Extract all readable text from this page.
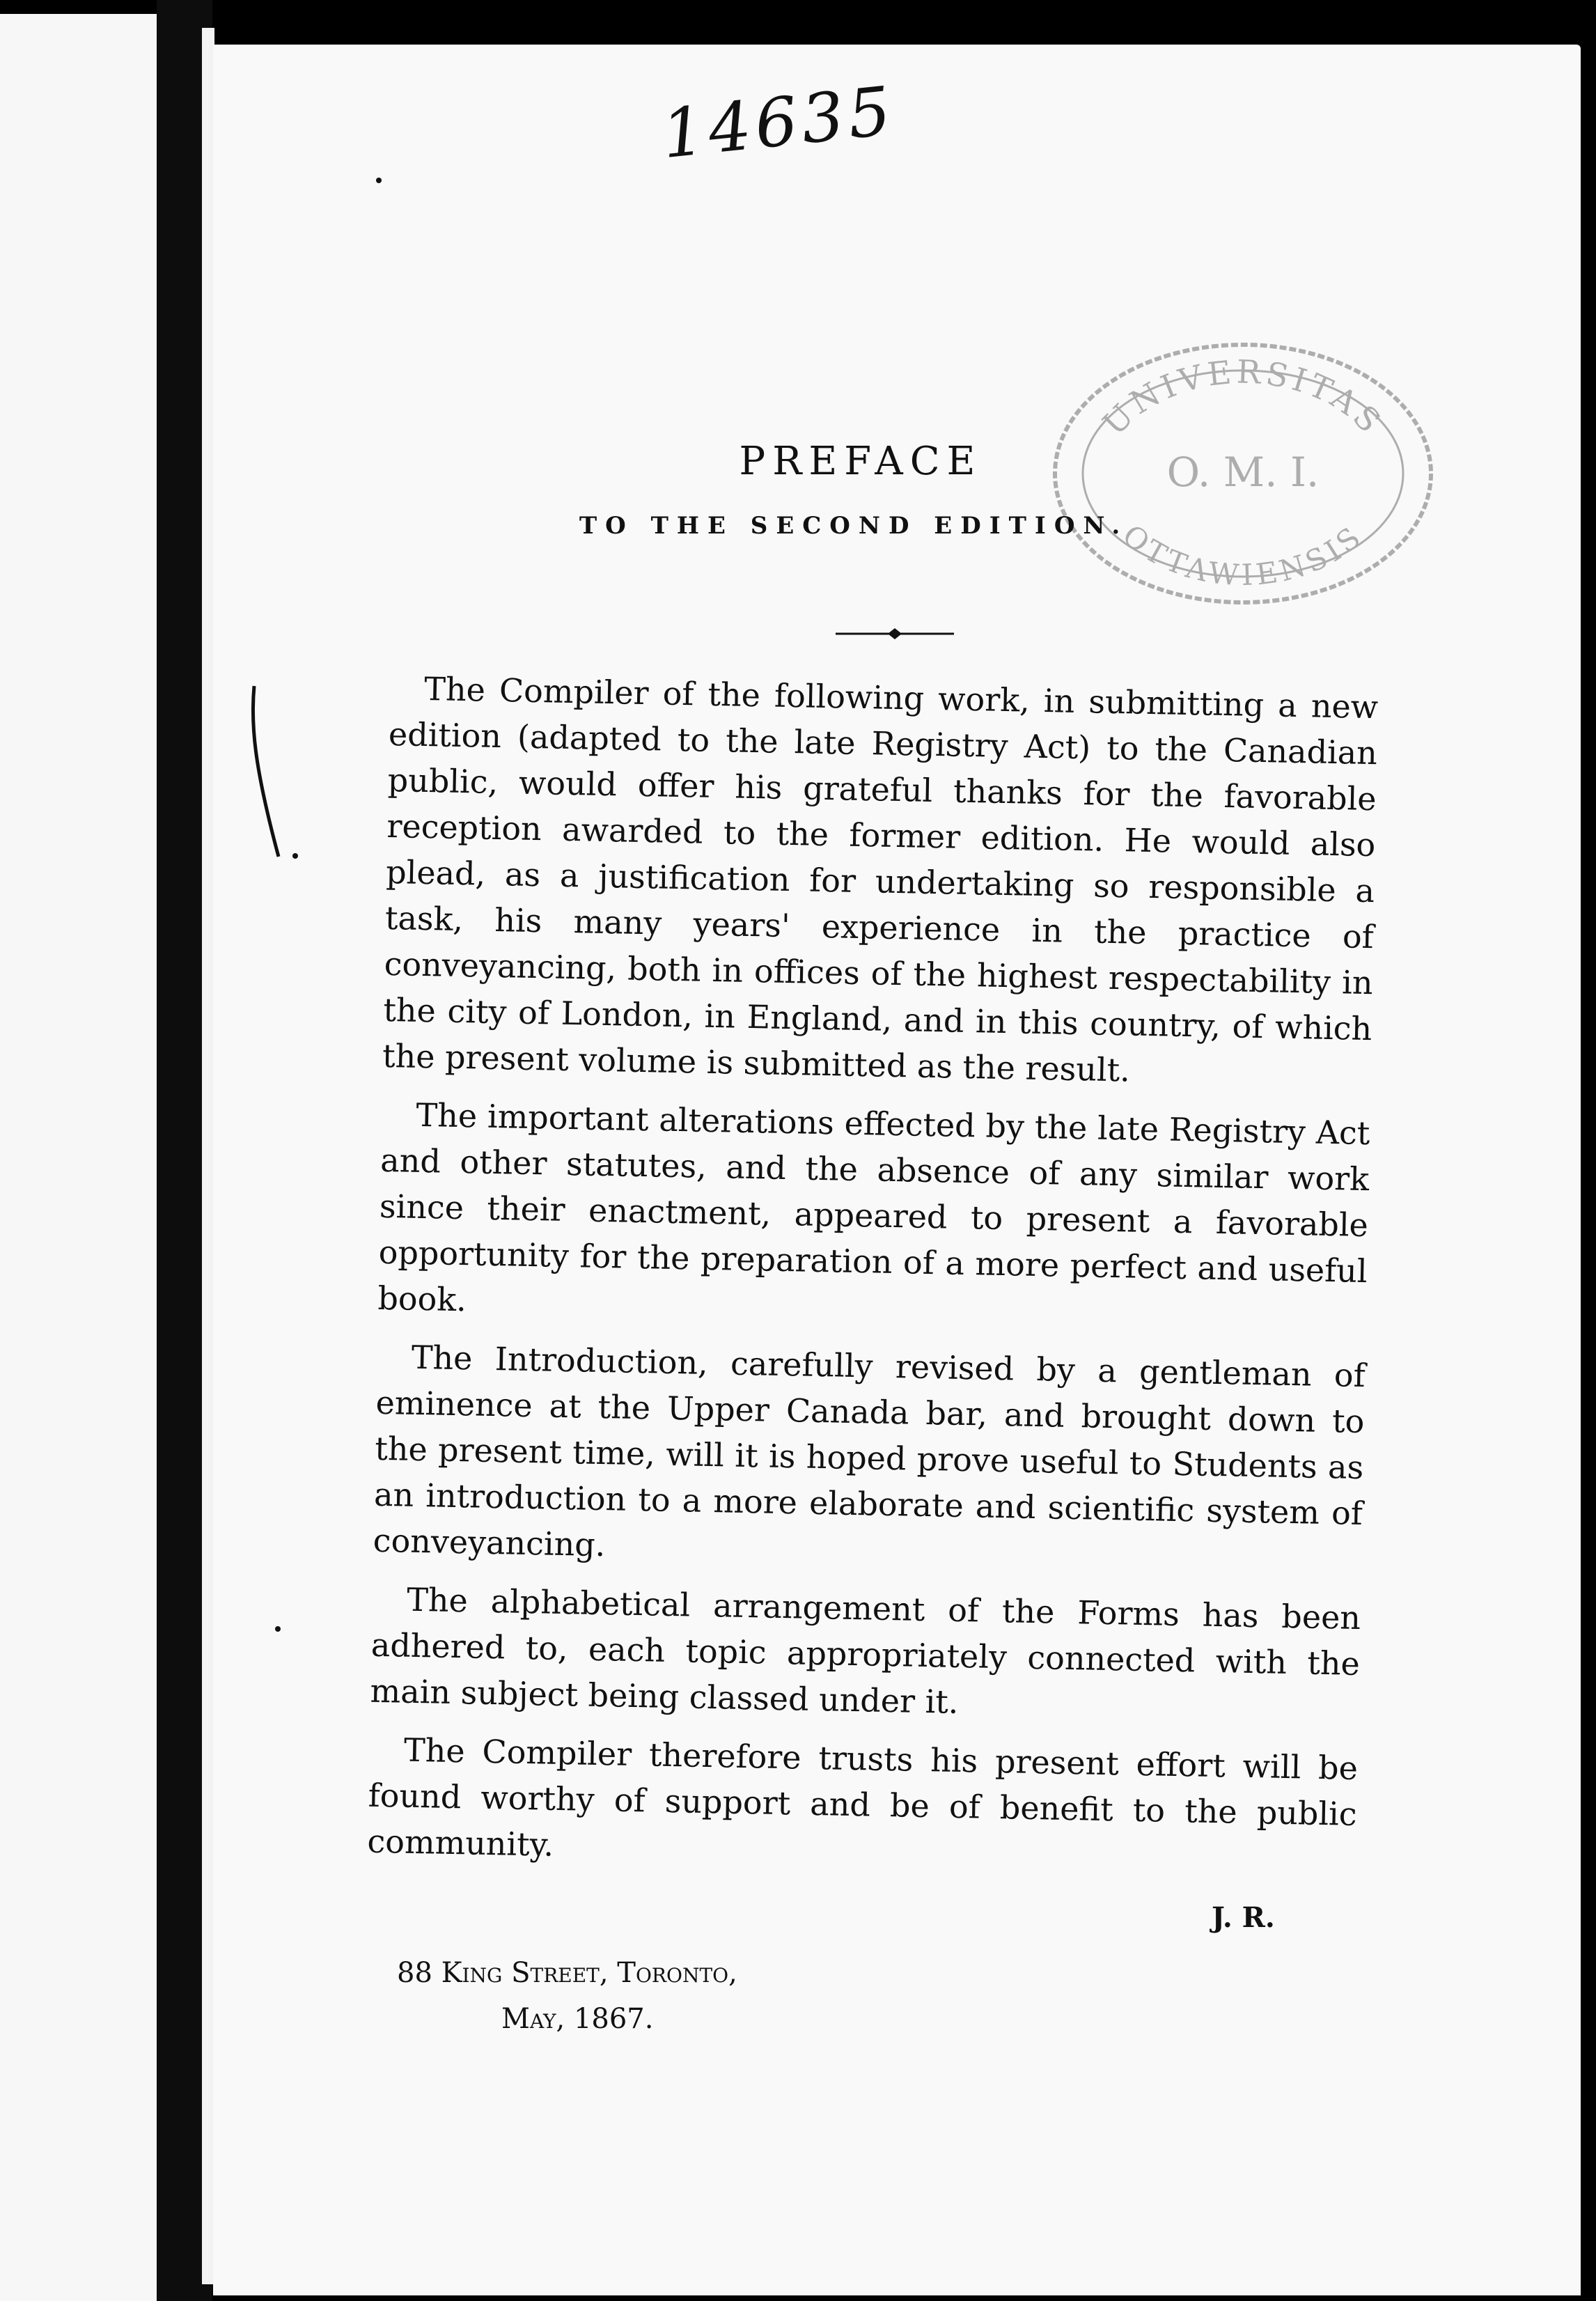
14635
UNIVERSITAS
O. M. I.
OTTAWIENSIS
PREFACE
TO THE SECOND EDITION.

The Compiler of the following work, in submitting a new edition (adapted to the late Registry Act) to the Canadian public, would offer his grateful thanks for the favorable reception awarded to the former edition. He would also plead, as a justification for undertaking so responsible a task, his many years' experience in the practice of conveyancing, both in offices of the highest respectability in the city of London, in England, and in this country, of which the present volume is submitted as the result.

The important alterations effected by the late Registry Act and other statutes, and the absence of any similar work since their enactment, appeared to present a favorable opportunity for the preparation of a more perfect and useful book.

The Introduction, carefully revised by a gentleman of eminence at the Upper Canada bar, and brought down to the present time, will it is hoped prove useful to Students as an introduction to a more elaborate and scientific system of conveyancing.

The alphabetical arrangement of the Forms has been adhered to, each topic appropriately connected with the main subject being classed under it.

The Compiler therefore trusts his present effort will be found worthy of support and be of benefit to the public community.

J. R.
88 King Street, Toronto,
May, 1867.
